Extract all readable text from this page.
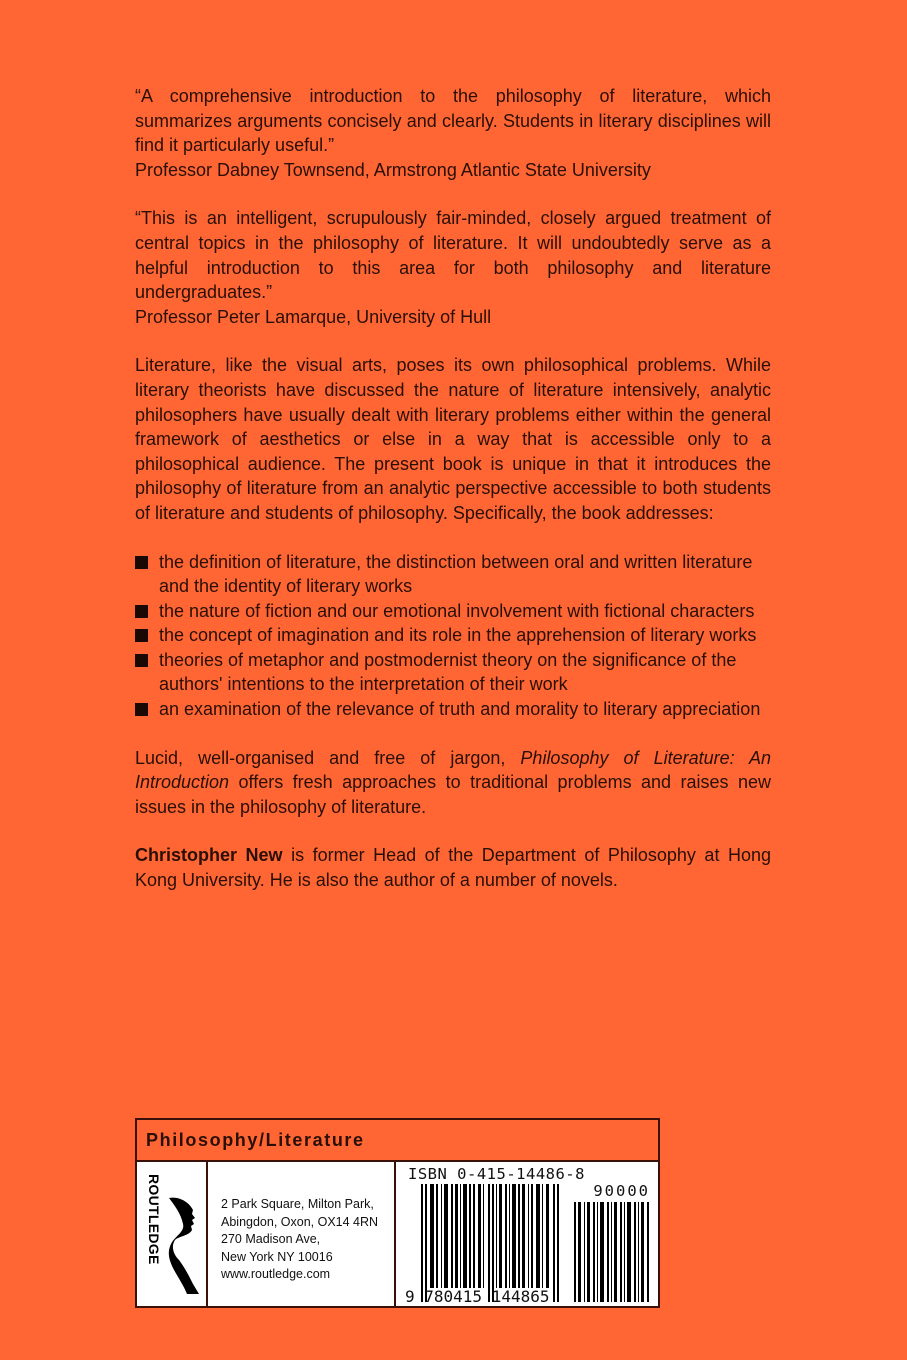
“A comprehensive introduction to the philosophy of literature, which summarizes arguments concisely and clearly. Students in literary disciplines will find it particularly useful.”

Professor Dabney Townsend, Armstrong Atlantic State University

“This is an intelligent, scrupulously fair-minded, closely argued treatment of central topics in the philosophy of literature. It will undoubtedly serve as a helpful introduction to this area for both philosophy and literature undergraduates.”

Professor Peter Lamarque, University of Hull

Literature, like the visual arts, poses its own philosophical problems. While literary theorists have discussed the nature of literature intensively, analytic philosophers have usually dealt with literary problems either within the general framework of aesthetics or else in a way that is accessible only to a philosophical audience. The present book is unique in that it introduces the philosophy of literature from an analytic perspective accessible to both students of literature and students of philosophy. Specifically, the book addresses:

the definition of literature, the distinction between oral and written literature and the identity of literary works
the nature of fiction and our emotional involvement with fictional characters
the concept of imagination and its role in the apprehension of literary works
theories of metaphor and postmodernist theory on the significance of the authors' intentions to the interpretation of their work
an examination of the relevance of truth and morality to literary appreciation

Lucid, well-organised and free of jargon, Philosophy of Literature: An Introduction offers fresh approaches to traditional problems and raises new issues in the philosophy of literature.

Christopher New is former Head of the Department of Philosophy at Hong Kong University. He is also the author of a number of novels.

Philosophy/Literature
ROUTLEDGE	2 Park Square, Milton Park,
Abingdon, Oxon, OX14 4RN
270 Madison Ave,
New York NY 10016
www.routledge.com
ISBN 0-415-14486-8
90000
9 780415 144865
